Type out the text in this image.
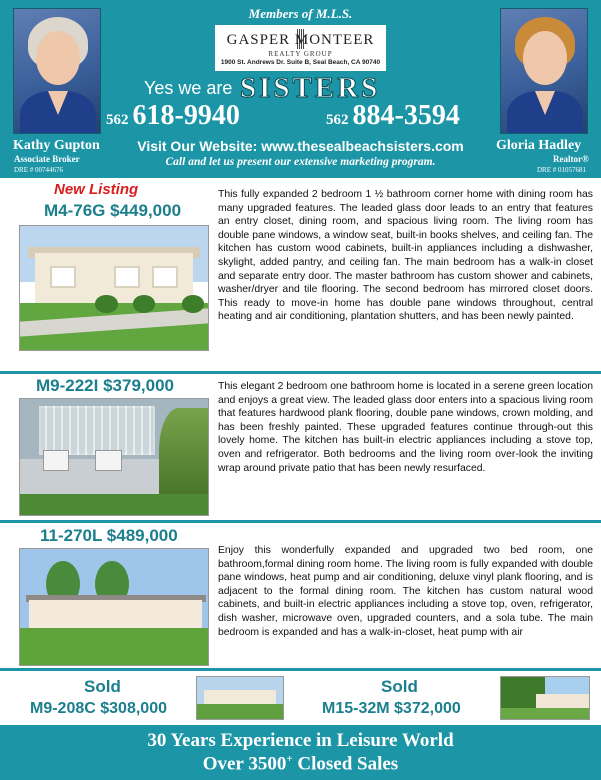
Kathy Gupton
Associate Broker
DRE # 00744676
Gloria Hadley
Realtor®
DRE # 01057681
Members of M.L.S.
GASPER MONTEER
REALTY GROUP
1900 St. Andrews Dr. Suite B, Seal Beach, CA 90740
Yes we are SISTERS
562 618-9940	562 884-3594
Visit Our Website: www.thesealbeachsisters.com
Call and let us present our extensive marketing program.
New Listing
M4-76G $449,000
This fully expanded 2 bedroom 1 ½ bathroom corner home with dining room has many upgraded features. The leaded glass door leads to an entry that features an entry closet, dining room, and spacious living room. The living room has double pane windows, a window seat, built-in books shelves, and ceiling fan. The kitchen has custom wood cabinets, built-in appliances including a dishwasher, skylight, added pantry, and ceiling fan. The main bedroom has a walk-in closet and separate entry door. The master bathroom has custom shower and cabinets, washer/dryer and tile flooring. The second bedroom has mirrored closet doors. This ready to move-in home has double pane windows throughout, central heating and air conditioning, plantation shutters, and has been newly painted.
M9-222I $379,000	This elegant 2 bedroom one bathroom home is located in a serene green location and enjoys a great view. The leaded glass door enters into a spacious living room that features hardwood plank flooring, double pane windows, crown molding, and has been freshly painted. These upgraded features continue through-out this lovely home. The kitchen has built-in electric appliances including a stove top, oven and refrigerator. Both bedrooms and the living room over-look the inviting wrap around private patio that has been newly resurfaced.
11-270L $489,000
Enjoy this wonderfully expanded and upgraded two bed room, one bathroom,formal dining room home. The living room is fully expanded with double pane windows, heat pump and air conditioning, deluxe vinyl plank flooring, and is adjacent to the formal dining room. The kitchen has custom natural wood cabinets, and built-in electric appliances including a stove top, oven, refrigerator, dish washer, microwave oven, upgraded counters, and a sola tube. The main bedroom is expanded and has a walk-in-closet, heat pump with air
Sold
M9-208C $308,000
Sold
M15-32M $372,000
30 Years Experience in Leisure World
Over 3500+ Closed Sales
